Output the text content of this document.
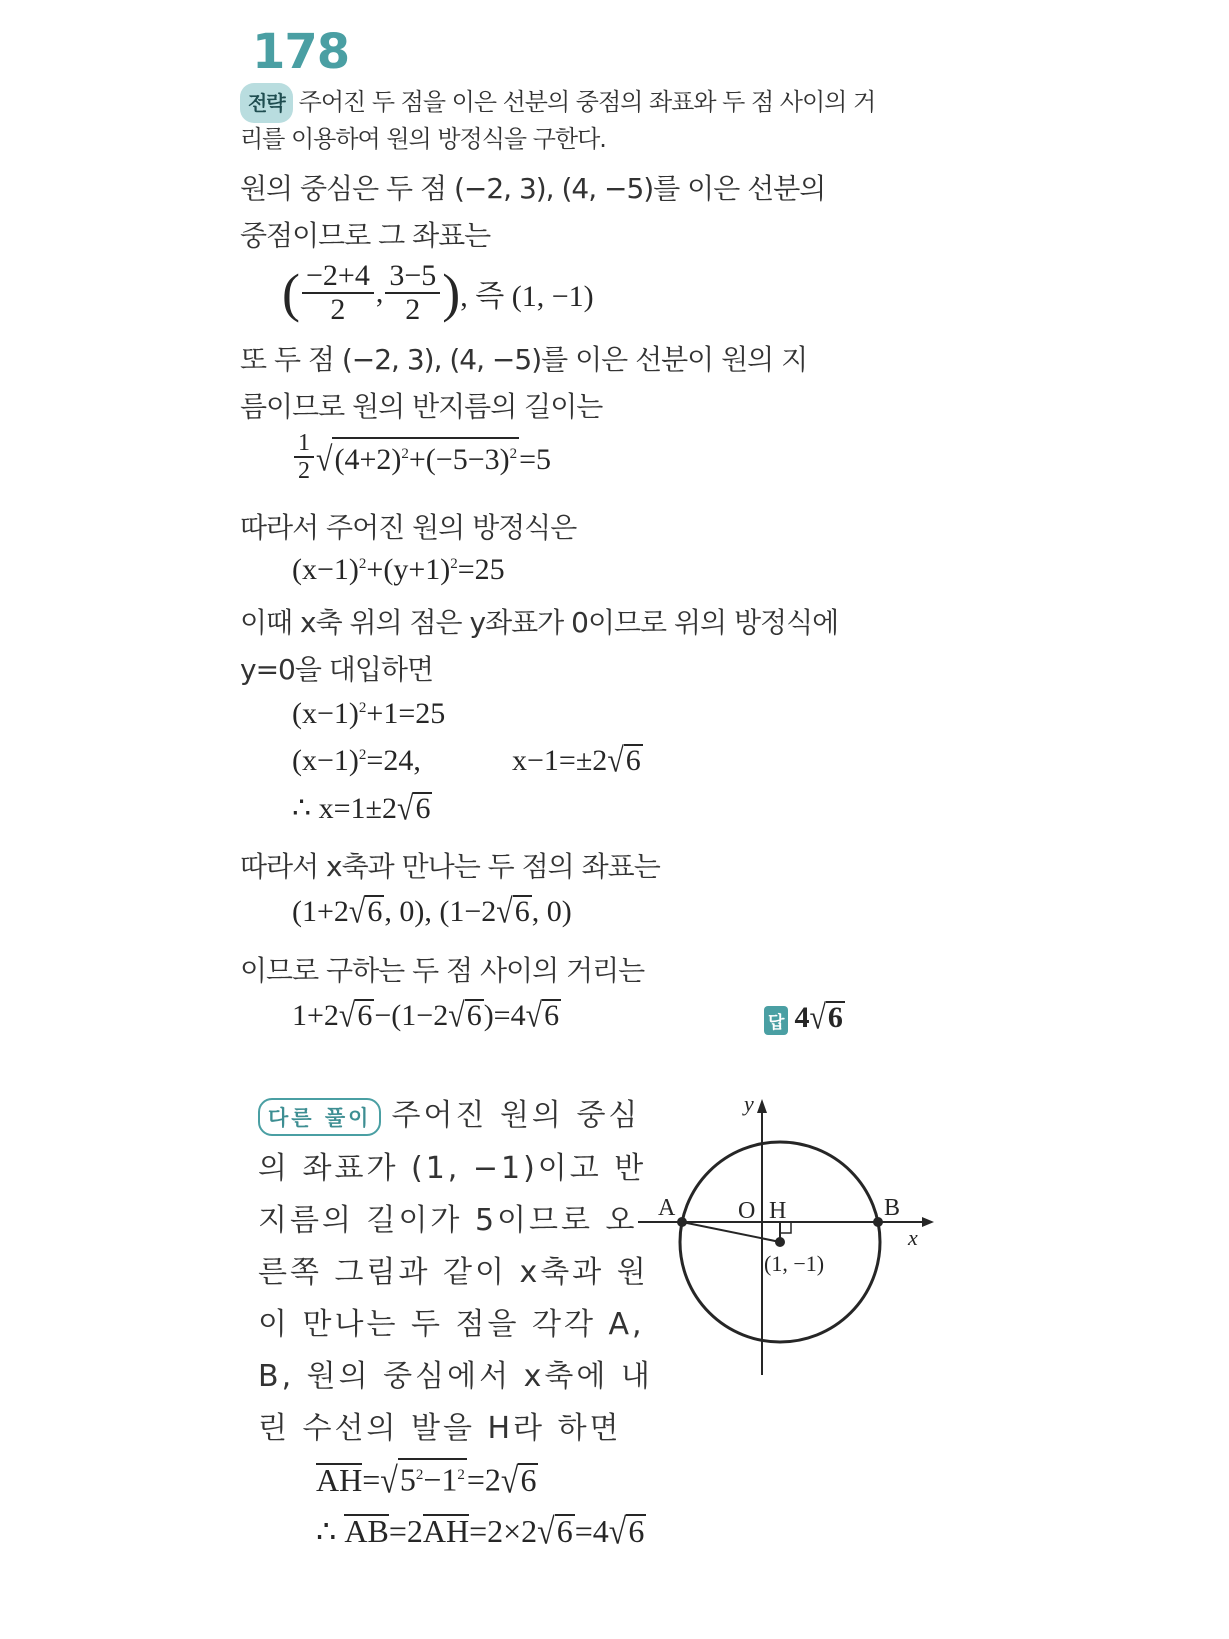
178
전략 주어진 두 점을 이은 선분의 중점의 좌표와 두 점 사이의 거
리를 이용하여 원의 방정식을 구한다.
원의 중심은 두 점 (−2, 3), (4, −5)를 이은 선분의
중점이므로 그 좌표는
( $\frac{-2+4}{2}$ , $\frac{3-5}{2}$ ), 즉 (1, −1)
또 두 점 (−2, 3), (4, −5)를 이은 선분이 원의 지
름이므로 원의 반지름의 길이는
$\frac{1}{2} √(4+2)^2+(-5-3)^2=5$
따라서 주어진 원의 방정식은
$(x-1)^2+(y+1)^2=25$
이때 x축 위의 점은 y좌표가 0이므로 위의 방정식에
y=0을 대입하면
$(x-1)^2+1=25$
$(x-1)^2=24$,	x−1=±2√6
∴ x=1±2√6
따라서 x축과 만나는 두 점의 좌표는
(1+2√6, 0), (1−2√6, 0)
이므로 구하는 두 점 사이의 거리는
1+2√6−(1−2√6)=4√6	답 4√6
다른 풀이 주어진 원의 중심
의 좌표가 (1, −1)이고 반
지름의 길이가 5이므로 오
른쪽 그림과 같이 x축과 원
이 만나는 두 점을 각각 A,
B, 원의 중심에서 x축에 내
린 수선의 발을 H라 하면
$AH=√5^2-1^2=2√6$
∴ AB=2AH=2×2√6=4√6
y
x
A	B
O H
(1, −1)
